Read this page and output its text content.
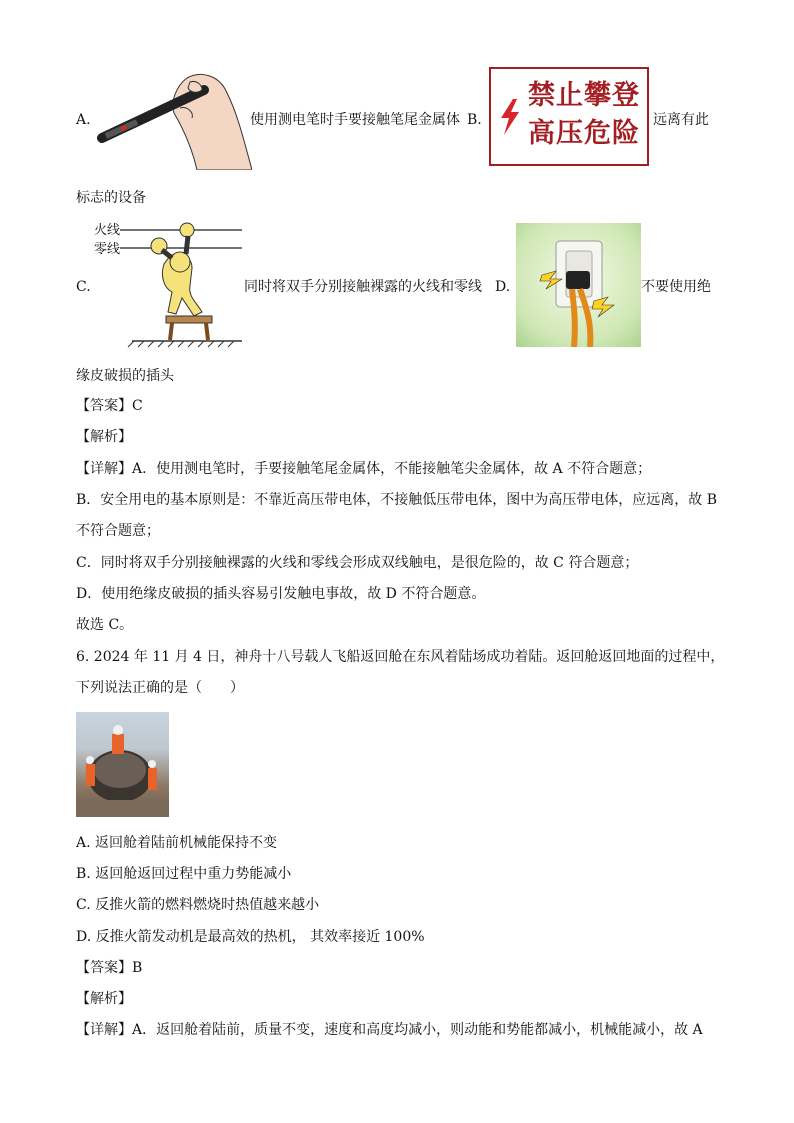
A.	使用测电笔时手要接触笔尾金属体 B.
禁止攀登
高压危险 远离有此
标志的设备
C.
火线
零线
同时将双手分别接触裸露的火线和零线 D.	不要使用绝
缘皮破损的插头
【答案】 C
【解析】
【详解】 A．使用测电笔时，手要接触笔尾金属体，不能接触笔尖金属体，故 A 不符合题意；
B．安全用电的基本原则是：不靠近高压带电体，不接触低压带电体，图中为高压带电体，应远离，故 B
不符合题意；
C．同时将双手分别接触裸露的火线和零线会形成双线触电，是很危险的，故 C 符合题意；
D．使用绝缘皮破损的插头容易引发触电事故，故 D 不符合题意。
故选 C。
6. 2024 年 11 月 4 日，神舟十八号载人飞船返回舱在东风着陆场成功着陆。返回舱返回地面的过程中，
下列说法正确的是（　　）
A. 返回舱着陆前机械能保持不变
B. 返回舱返回过程中重力势能减小
C. 反推火箭的燃料燃烧时热值越来越小
D. 反推火箭发动机是最高效的热机， 其效率接近 100%
【答案】 B
【解析】
【详解】 A．返回舱着陆前，质量不变，速度和高度均减小，则动能和势能都减小，机械能减小，故 A
